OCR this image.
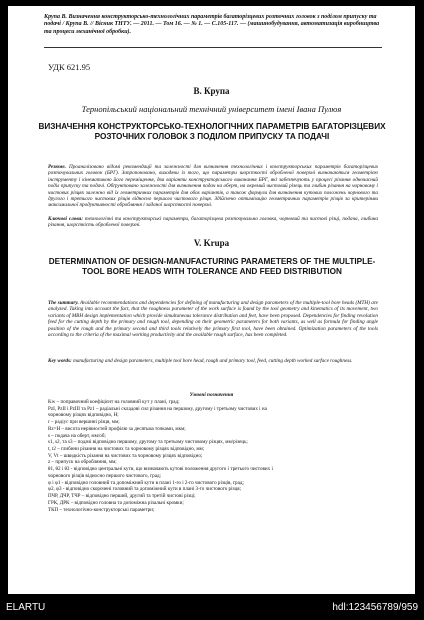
Крупа В. Визначення конструкторсько-технологічних параметрів багаторізцевих розточних головок з поділом припуску та подачі / Крупа В. // Вісник ТНТУ. — 2011. — Том 16. — № 1. — С.105-117. — (машинобудування, автоматизація виробництва та процеси механічної обробки).
УДК 621.95
В. Крупа
Тернопільський національний технічний університет імені Івана Пулюя
ВИЗНАЧЕННЯ КОНСТРУКТОРСЬКО-ТЕХНОЛОГІЧНИХ ПАРАМЕТРІВ БАГАТОРІЗЦЕВИХ РОЗТОЧНИХ ГОЛОВОК З ПОДІЛОМ ПРИПУСКУ ТА ПОДАЧІ
Резюме. Проаналізовано відомі рекомендації та залежності для визначення технологічних і конструкторських параметрів багаторізцевих розточувальних головок (БРГ). Запропоновано, виходячи із того, що параметри шорсткості обробленої поверхні визначаються геометрією інструменту і кінематикою його переміщення, два варіанти конструкторського виконання БРГ, які забезпечують у процесі різання одночасний поділ припуску та подачі. Обґрунтовано залежності для визначення подач на оберт, на окремий чистовий різець та глибин різання на чорновому і чистових різцях залежно від їх геометричних параметрів для обох варіантів, а також формули для визначення кутових положень чорнового та другого і третього чистових різців відносно першого чистового різця. Здійснено оптимізацію геометричних параметрів різців за критеріями максимальної продуктивності обробляння і заданої шорсткості поверхні.
Ключові слова: технологічні та конструкторські параметри, багаторізцева розточувальна головка, чорновий та чистові різці, подача, глибина різання, шорсткість обробленої поверхні.
V. Krupa
DETERMINATION OF DESIGN-MANUFACTURING PARAMETERS OF THE MULTIPLE-TOOL BORE HEADS WITH TOLERANCE AND FEED DISTRIBUTION
The summary. Available recommendations and dependencies for defining of manufacturing and design parameters of the multiple-tool bore heads (MTH) are analyzed. Taking into account the fact, that the roughness parameter of the work surface is found by the tool geometry and kinematics of its movement, two variants of MBH design implementation which provide simultaneous tolerance distribution and feet, have been proposed. Dependencies for finding revolution feed for the cutting depth by the primary and rough tool, depending on their geometric parameters for both variants, as well as formula for finding angle position of the rough and the primary second and third tools relatively the primary first tool, have been obtained. Optimization parameters of the tools according to the criteria of the maximal working productivity and the available rough surface, has been completed.
Key words: manufacturing and design parameters, multiple tool bore head, rough and primary tool, feed, cutting depth worked surface roughness.
Умовні позначення
Kw – поправочний коефіцієнт на головний кут у плані, град;
PzI, PzII і PzIII та Pz1 – радіальні складові сил різання на першому, другому і третьому чистових і на
чорновому різцях відповідно, Н;
r – радіус при вершині різця, мм;
Rz=H – висота нерівностей профілю за десятьма точками, мкм;
s – подача на оберт, мм/об;
s1, s2, та s3 – подачі відповідно першому, другому та третьому чистовому різцях, мм/різець;
t, t2 – глибини різання на чистових та чорновому різцях відповідно, мм;
V, Vt – швидкість різання на чистових та чорновому різцях відповідно;
z – припуск на обробляння, мм;
θ1, θ2 і θ3 - відповідно центральні кути, що визначають кутові положення другого і третього чистових і
чорнового різців відносно першого чистового, град;
φ і φ1 - відповідно головний та допоміжний кути в плані 1-го і 2-го чистового різців, град;
φ2, φ3 - відповідно скорочені головний та допоміжний кути в плані 3-го чистового різця;
ПЧР, ДЧР, ТЧР – відповідно перший, другий та третій чистові різці;
ГРК, ДРК – відповідно головна та допоміжна різальні кромки;
ТКП – технологічно-конструкторські параметри;
ELARTU	hdl:123456789/959
